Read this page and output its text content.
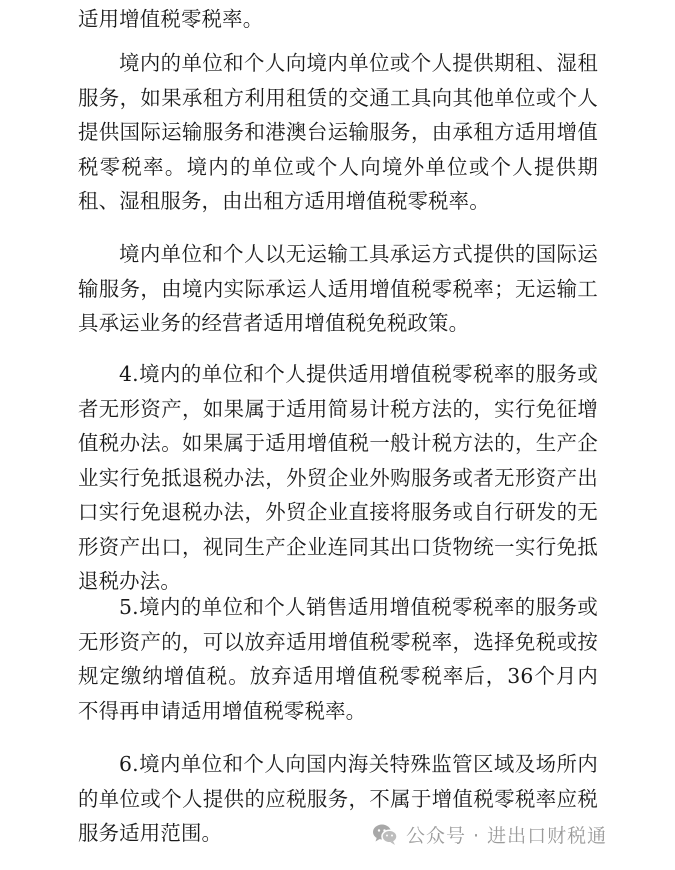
适用增值税零税率。

境内的单位和个人向境内单位或个人提供期租、湿租服务，如果承租方利用租赁的交通工具向其他单位或个人提供国际运输服务和港澳台运输服务，由承租方适用增值税零税率。境内的单位或个人向境外单位或个人提供期租、湿租服务，由出租方适用增值税零税率。

境内单位和个人以无运输工具承运方式提供的国际运输服务，由境内实际承运人适用增值税零税率；无运输工具承运业务的经营者适用增值税免税政策。

4.境内的单位和个人提供适用增值税零税率的服务或者无形资产，如果属于适用简易计税方法的，实行免征增值税办法。如果属于适用增值税一般计税方法的，生产企业实行免抵退税办法，外贸企业外购服务或者无形资产出口实行免退税办法，外贸企业直接将服务或自行研发的无形资产出口，视同生产企业连同其出口货物统一实行免抵退税办法。

5.境内的单位和个人销售适用增值税零税率的服务或无形资产的，可以放弃适用增值税零税率，选择免税或按规定缴纳增值税。放弃适用增值税零税率后，36个月内不得再申请适用增值税零税率。

6.境内单位和个人向国内海关特殊监管区域及场所内的单位或个人提供的应税服务，不属于增值税零税率应税服务适用范围。	公众号 · 进出口财税通
